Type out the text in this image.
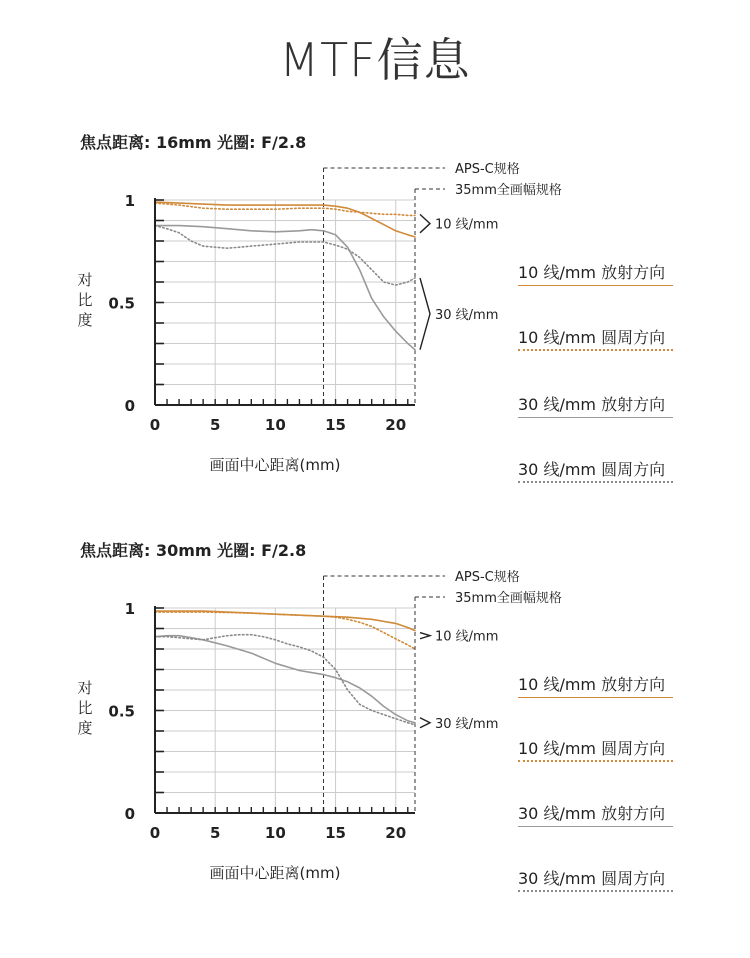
MTF信息
焦点距离: 16mm 光圈: F/2.8
APS-C规格
35mm全画幅规格
0
0.5
1
0	5	10	15	20
对
比
度
画面中心距离(mm)
10 线/mm
30 线/mm
10 线/mm 放射方向
10 线/mm 圆周方向
30 线/mm 放射方向
30 线/mm 圆周方向
焦点距离: 30mm 光圈: F/2.8
APS-C规格
35mm全画幅规格
0
0.5
1
0	5	10	15	20
对
比
度
画面中心距离(mm)
10 线/mm
30 线/mm
10 线/mm 放射方向
10 线/mm 圆周方向
30 线/mm 放射方向
30 线/mm 圆周方向
